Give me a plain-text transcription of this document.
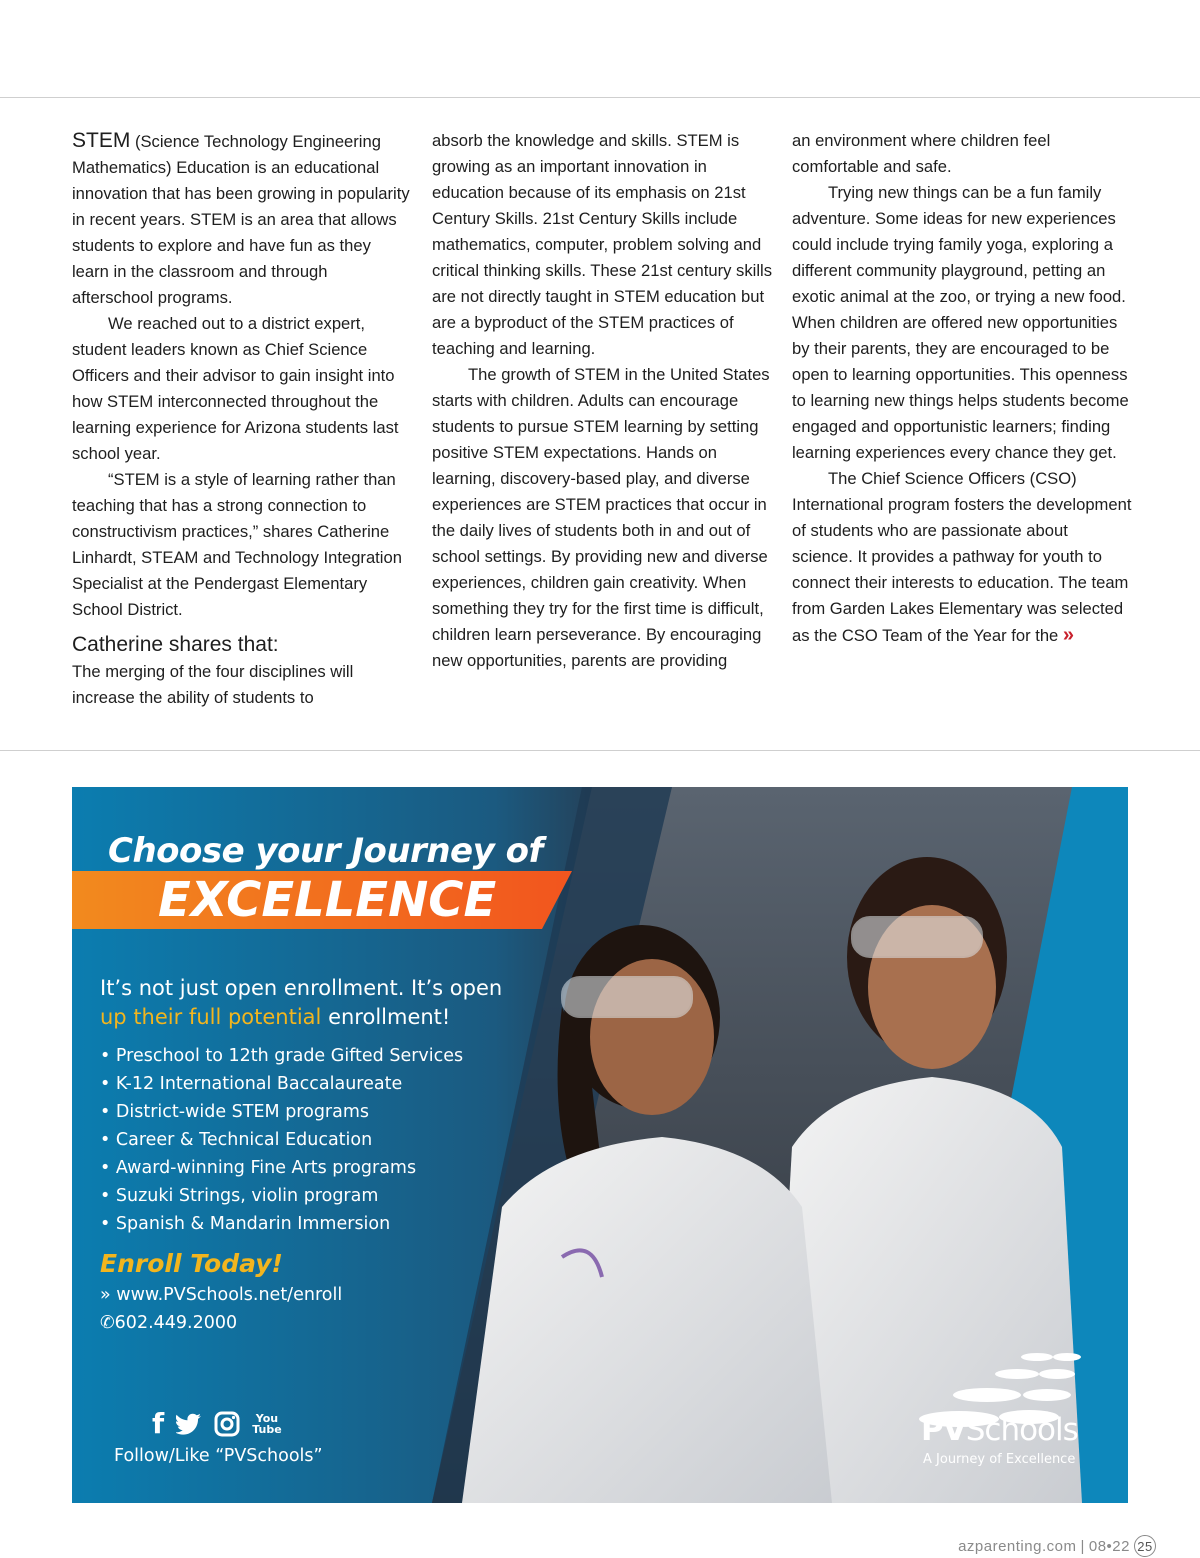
STEM (Science Technology Engineering Mathematics) Education is an educational innovation that has been growing in popularity in recent years. STEM is an area that allows students to explore and have fun as they learn in the classroom and through afterschool programs.

We reached out to a district expert, student leaders known as Chief Science Officers and their advisor to gain insight into how STEM interconnected throughout the learning experience for Arizona students last school year.

“STEM is a style of learning rather than teaching that has a strong connection to constructivism practices,” shares Catherine Linhardt, STEAM and Technology Integration Specialist at the Pendergast Elementary School District.

Catherine shares that:

The merging of the four disciplines will increase the ability of students to

absorb the knowledge and skills. STEM is growing as an important innovation in education because of its emphasis on 21st Century Skills. 21st Century Skills include mathematics, computer, problem solving and critical thinking skills. These 21st century skills are not directly taught in STEM education but are a byproduct of the STEM practices of teaching and learning.

The growth of STEM in the United States starts with children. Adults can encourage students to pursue STEM learning by setting positive STEM expectations. Hands on learning, discovery-based play, and diverse experiences are STEM practices that occur in the daily lives of students both in and out of school settings. By providing new and diverse experiences, children gain creativity. When something they try for the first time is difficult, children learn perseverance. By encouraging new opportunities, parents are providing

an environment where children feel comfortable and safe.

Trying new things can be a fun family adventure. Some ideas for new experiences could include trying family yoga, exploring a different community playground, petting an exotic animal at the zoo, or trying a new food. When children are offered new opportunities by their parents, they are encouraged to be open to learning opportunities. This openness to learning new things helps students become engaged and opportunistic learners; finding learning experiences every chance they get.

The Chief Science Officers (CSO) International program fosters the development of students who are passionate about science. It provides a pathway for youth to connect their interests to education. The team from Garden Lakes Elementary was selected as the CSO Team of the Year for the »

Choose your Journey of
EXCELLENCE
It’s not just open enrollment. It’s open
up their full potential enrollment!
• Preschool to 12th grade Gifted Services
• K-12 International Baccalaureate
• District-wide STEM programs
• Career & Technical Education
• Award-winning Fine Arts programs
• Suzuki Strings, violin program
• Spanish & Mandarin Immersion
Enroll Today!
» www.PVSchools.net/enroll
✆602.449.2000
f	You
Tube
Follow/Like “PVSchools”
PVSchools
A Journey of Excellence
azparenting.com | 08•22 25
